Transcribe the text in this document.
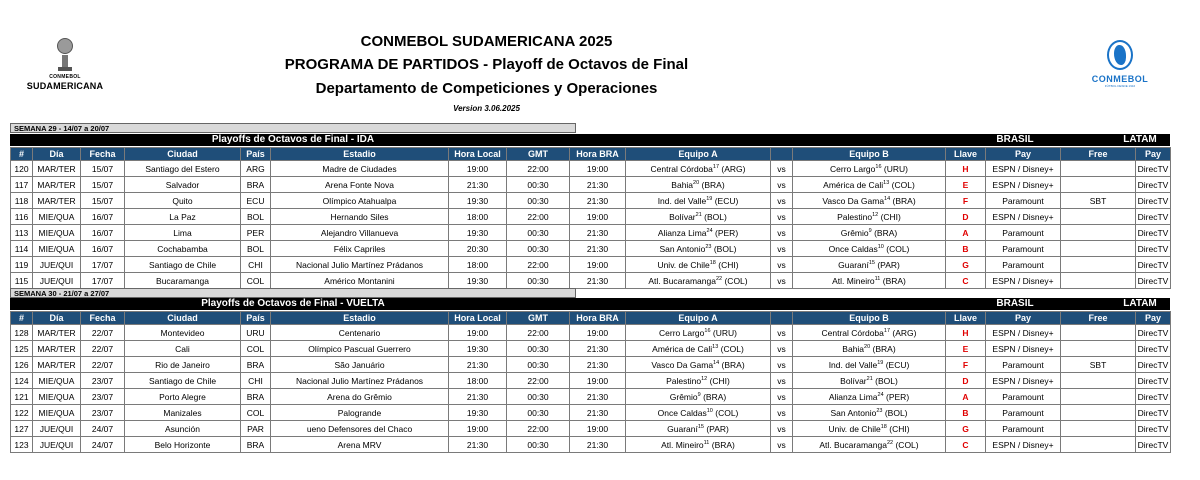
CONMEBOL
SUDAMERICANA
CONMEBOL
FÚTBOL DESDE 1916
CONMEBOL SUDAMERICANA 2025
PROGRAMA DE PARTIDOS - Playoff de Octavos de Final
Departamento de Competiciones y Operaciones
Version 3.06.2025
SEMANA 29 - 14/07 a 20/07
Playoffs de Octavos de Final - IDA	BRASIL	LATAM
#	Día	Fecha	Ciudad	País	Estadio	Hora Local	GMT	Hora BRA	Equipo A		Equipo B	Llave	Pay	Free	Pay
120	MAR/TER	15/07	Santiago del Estero	ARG	Madre de Ciudades	19:00	22:00	19:00	Central Córdoba$^{17}$ (ARG)	vs	Cerro Largo$^{16}$ (URU)	H	ESPN / Disney+		DirecTV
117	MAR/TER	15/07	Salvador	BRA	Arena Fonte Nova	21:30	00:30	21:30	Bahia$^{20}$ (BRA)	vs	América de Cali$^{13}$ (COL)	E	ESPN / Disney+		DirecTV
118	MAR/TER	15/07	Quito	ECU	Olímpico Atahualpa	19:30	00:30	21:30	Ind. del Valle$^{19}$ (ECU)	vs	Vasco Da Gama$^{14}$ (BRA)	F	Paramount	SBT	DirecTV
116	MIE/QUA	16/07	La Paz	BOL	Hernando Siles	18:00	22:00	19:00	Bolívar$^{21}$ (BOL)	vs	Palestino$^{12}$ (CHI)	D	ESPN / Disney+		DirecTV
113	MIE/QUA	16/07	Lima	PER	Alejandro Villanueva	19:30	00:30	21:30	Alianza Lima$^{24}$ (PER)	vs	Grêmio$^9$ (BRA)	A	Paramount		DirecTV
114	MIE/QUA	16/07	Cochabamba	BOL	Félix Capriles	20:30	00:30	21:30	San Antonio$^{23}$ (BOL)	vs	Once Caldas$^{10}$ (COL)	B	Paramount		DirecTV
119	JUE/QUI	17/07	Santiago de Chile	CHI	Nacional Julio Martínez Prádanos	18:00	22:00	19:00	Univ. de Chile$^{18}$ (CHI)	vs	Guaraní$^{15}$ (PAR)	G	Paramount		DirecTV
115	JUE/QUI	17/07	Bucaramanga	COL	Américo Montanini	19:30	00:30	21:30	Atl. Bucaramanga$^{22}$ (COL)	vs	Atl. Mineiro$^{11}$ (BRA)	C	ESPN / Disney+		DirecTV
SEMANA 30 - 21/07 a 27/07
Playoffs de Octavos de Final - VUELTA	BRASIL	LATAM
#	Día	Fecha	Ciudad	País	Estadio	Hora Local	GMT	Hora BRA	Equipo A		Equipo B	Llave	Pay	Free	Pay
128	MAR/TER	22/07	Montevideo	URU	Centenario	19:00	22:00	19:00	Cerro Largo$^{16}$ (URU)	vs	Central Córdoba$^{17}$ (ARG)	H	ESPN / Disney+		DirecTV
125	MAR/TER	22/07	Cali	COL	Olímpico Pascual Guerrero	19:30	00:30	21:30	América de Cali$^{13}$ (COL)	vs	Bahia$^{20}$ (BRA)	E	ESPN / Disney+		DirecTV
126	MAR/TER	22/07	Rio de Janeiro	BRA	São Januário	21:30	00:30	21:30	Vasco Da Gama$^{14}$ (BRA)	vs	Ind. del Valle$^{19}$ (ECU)	F	Paramount	SBT	DirecTV
124	MIE/QUA	23/07	Santiago de Chile	CHI	Nacional Julio Martínez Prádanos	18:00	22:00	19:00	Palestino$^{12}$ (CHI)	vs	Bolívar$^{21}$ (BOL)	D	ESPN / Disney+		DirecTV
121	MIE/QUA	23/07	Porto Alegre	BRA	Arena do Grêmio	21:30	00:30	21:30	Grêmio$^9$ (BRA)	vs	Alianza Lima$^{24}$ (PER)	A	Paramount		DirecTV
122	MIE/QUA	23/07	Manizales	COL	Palogrande	19:30	00:30	21:30	Once Caldas$^{10}$ (COL)	vs	San Antonio$^{23}$ (BOL)	B	Paramount		DirecTV
127	JUE/QUI	24/07	Asunción	PAR	ueno Defensores del Chaco	19:00	22:00	19:00	Guaraní$^{15}$ (PAR)	vs	Univ. de Chile$^{18}$ (CHI)	G	Paramount		DirecTV
123	JUE/QUI	24/07	Belo Horizonte	BRA	Arena MRV	21:30	00:30	21:30	Atl. Mineiro$^{11}$ (BRA)	vs	Atl. Bucaramanga$^{22}$ (COL)	C	ESPN / Disney+		DirecTV
